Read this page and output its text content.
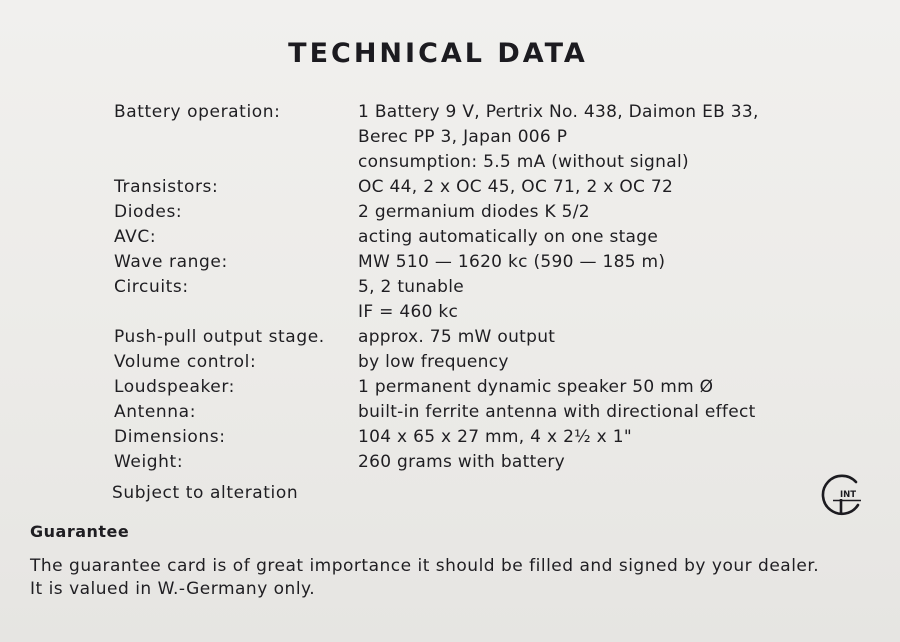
TECHNICAL DATA
Battery operation:	1 Battery 9 V, Pertrix No. 438, Daimon EB 33,
Berec PP 3, Japan 006 P
consumption: 5.5 mA (without signal)
Transistors:	OC 44, 2 x OC 45, OC 71, 2 x OC 72
Diodes:	2 germanium diodes K 5/2
AVC:	acting automatically on one stage
Wave range:	MW 510 — 1620 kc (590 — 185 m)
Circuits:	5, 2 tunable
IF = 460 kc
Push-pull output stage.	approx. 75 mW output
Volume control:	by low frequency
Loudspeaker:	1 permanent dynamic speaker 50 mm Ø
Antenna:	built-in ferrite antenna with directional effect
Dimensions:	104 x 65 x 27 mm, 4 x 2½ x 1"
Weight:	260 grams with battery
Subject to alteration	INT
Guarantee
The guarantee card is of great importance it should be filled and signed by your dealer.
It is valued in W.-Germany only.
